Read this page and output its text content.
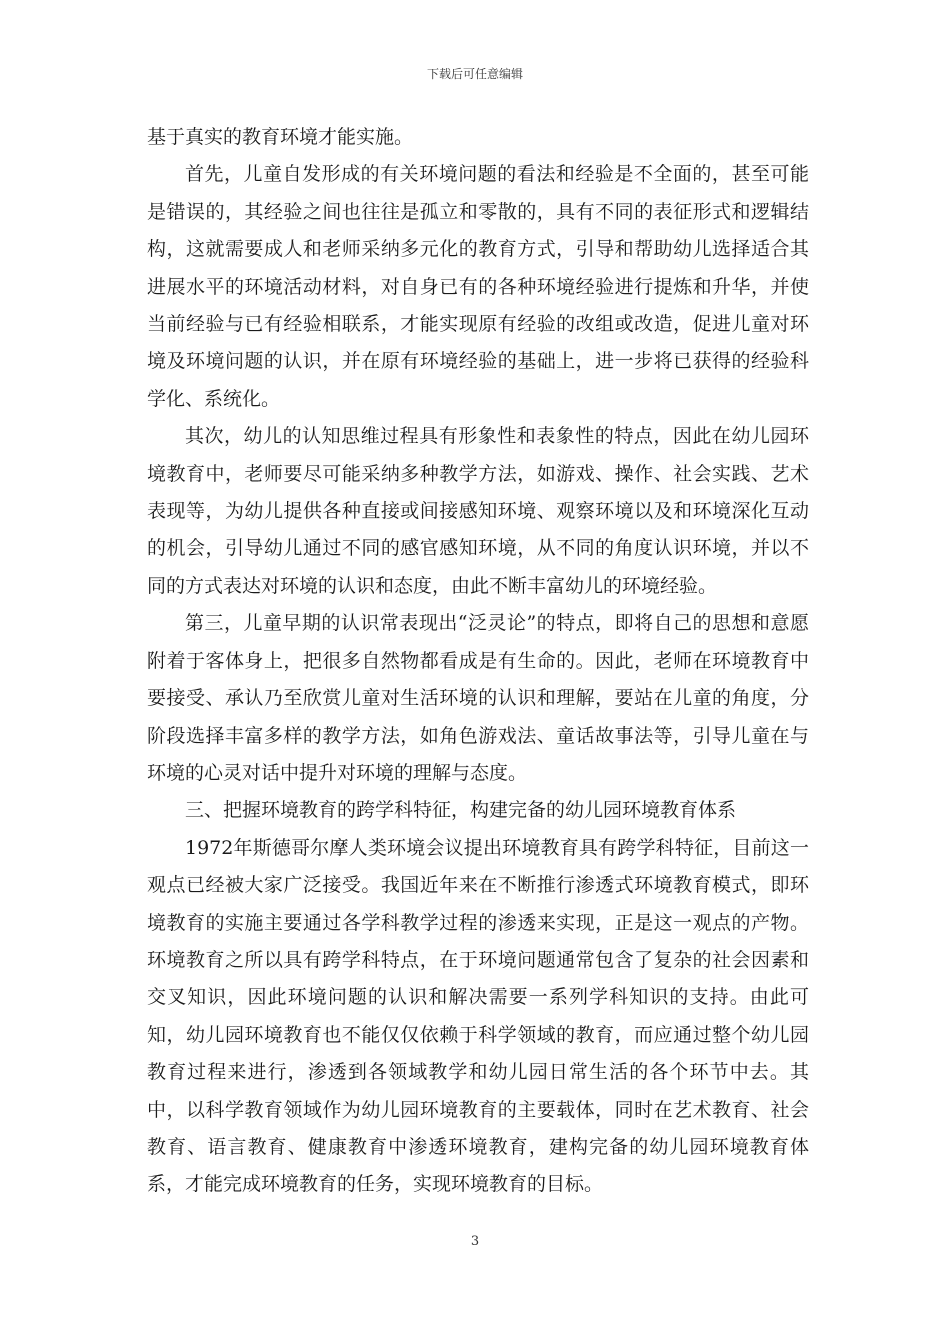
下载后可任意编辑

基于真实的教育环境才能实施。

首先，儿童自发形成的有关环境问题的看法和经验是不全面的，甚至可能是错误的，其经验之间也往往是孤立和零散的，具有不同的表征形式和逻辑结构，这就需要成人和老师采纳多元化的教育方式，引导和帮助幼儿选择适合其进展水平的环境活动材料，对自身已有的各种环境经验进行提炼和升华，并使当前经验与已有经验相联系，才能实现原有经验的改组或改造，促进儿童对环境及环境问题的认识，并在原有环境经验的基础上，进一步将已获得的经验科学化、系统化。

其次，幼儿的认知思维过程具有形象性和表象性的特点，因此在幼儿园环境教育中，老师要尽可能采纳多种教学方法，如游戏、操作、社会实践、艺术表现等，为幼儿提供各种直接或间接感知环境、观察环境以及和环境深化互动的机会，引导幼儿通过不同的感官感知环境，从不同的角度认识环境，并以不同的方式表达对环境的认识和态度，由此不断丰富幼儿的环境经验。

第三，儿童早期的认识常表现出“泛灵论”的特点，即将自己的思想和意愿附着于客体身上，把很多自然物都看成是有生命的。因此，老师在环境教育中要接受、承认乃至欣赏儿童对生活环境的认识和理解，要站在儿童的角度，分阶段选择丰富多样的教学方法，如角色游戏法、童话故事法等，引导儿童在与环境的心灵对话中提升对环境的理解与态度。

三、把握环境教育的跨学科特征，构建完备的幼儿园环境教育体系

1972年斯德哥尔摩人类环境会议提出环境教育具有跨学科特征，目前这一观点已经被大家广泛接受。我国近年来在不断推行渗透式环境教育模式，即环境教育的实施主要通过各学科教学过程的渗透来实现，正是这一观点的产物。环境教育之所以具有跨学科特点，在于环境问题通常包含了复杂的社会因素和交叉知识，因此环境问题的认识和解决需要一系列学科知识的支持。由此可知，幼儿园环境教育也不能仅仅依赖于科学领域的教育，而应通过整个幼儿园教育过程来进行，渗透到各领域教学和幼儿园日常生活的各个环节中去。其中，以科学教育领域作为幼儿园环境教育的主要载体，同时在艺术教育、社会教育、语言教育、健康教育中渗透环境教育，建构完备的幼儿园环境教育体系，才能完成环境教育的任务，实现环境教育的目标。

3
